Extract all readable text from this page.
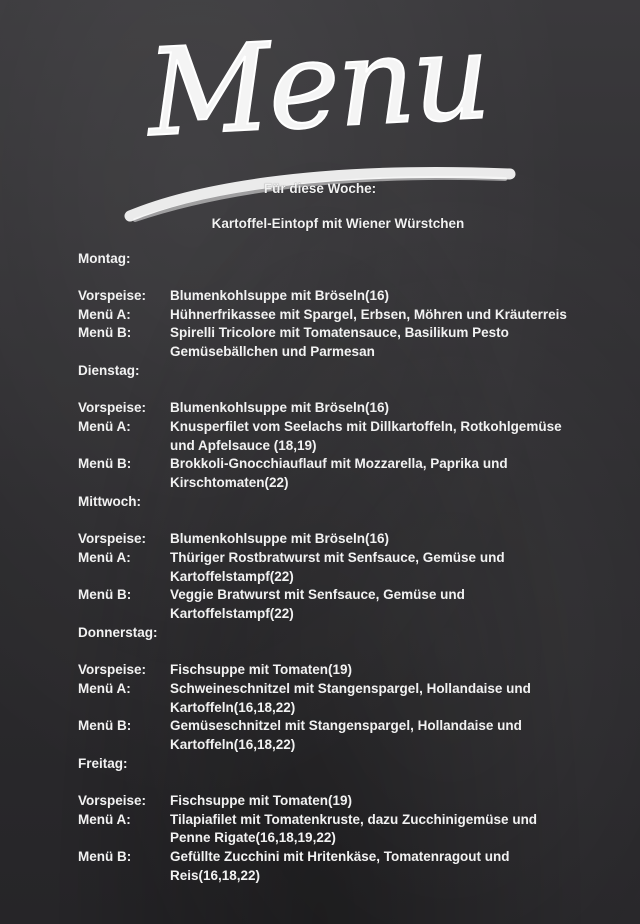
Menu
Für diese Woche:
Kartoffel-Eintopf mit Wiener Würstchen
Montag:
Vorspeise:	Blumenkohlsuppe mit Bröseln(16)
Menü A:	Hühnerfrikassee mit Spargel, Erbsen, Möhren und Kräuterreis
Menü B:	Spirelli Tricolore mit Tomatensauce, Basilikum Pesto Gemüsebällchen und Parmesan
Dienstag:
Vorspeise:	Blumenkohlsuppe mit Bröseln(16)
Menü A:	Knusperfilet vom Seelachs mit Dillkartoffeln, Rotkohlgemüse und Apfelsauce (18,19)
Menü B:	Brokkoli-Gnocchiauflauf mit Mozzarella, Paprika und Kirschtomaten(22)
Mittwoch:
Vorspeise:	Blumenkohlsuppe mit Bröseln(16)
Menü A:	Thüriger Rostbratwurst mit Senfsauce, Gemüse und Kartoffelstampf(22)
Menü B:	Veggie Bratwurst mit Senfsauce, Gemüse und Kartoffelstampf(22)
Donnerstag:
Vorspeise:	Fischsuppe mit Tomaten(19)
Menü A:	Schweineschnitzel mit Stangenspargel, Hollandaise und Kartoffeln(16,18,22)
Menü B:	Gemüseschnitzel mit Stangenspargel, Hollandaise und Kartoffeln(16,18,22)
Freitag:
Vorspeise:	Fischsuppe mit Tomaten(19)
Menü A:	Tilapiafilet mit Tomatenkruste, dazu Zucchinigemüse und Penne Rigate(16,18,19,22)
Menü B:	Gefüllte Zucchini mit Hritenkäse, Tomatenragout und Reis(16,18,22)
